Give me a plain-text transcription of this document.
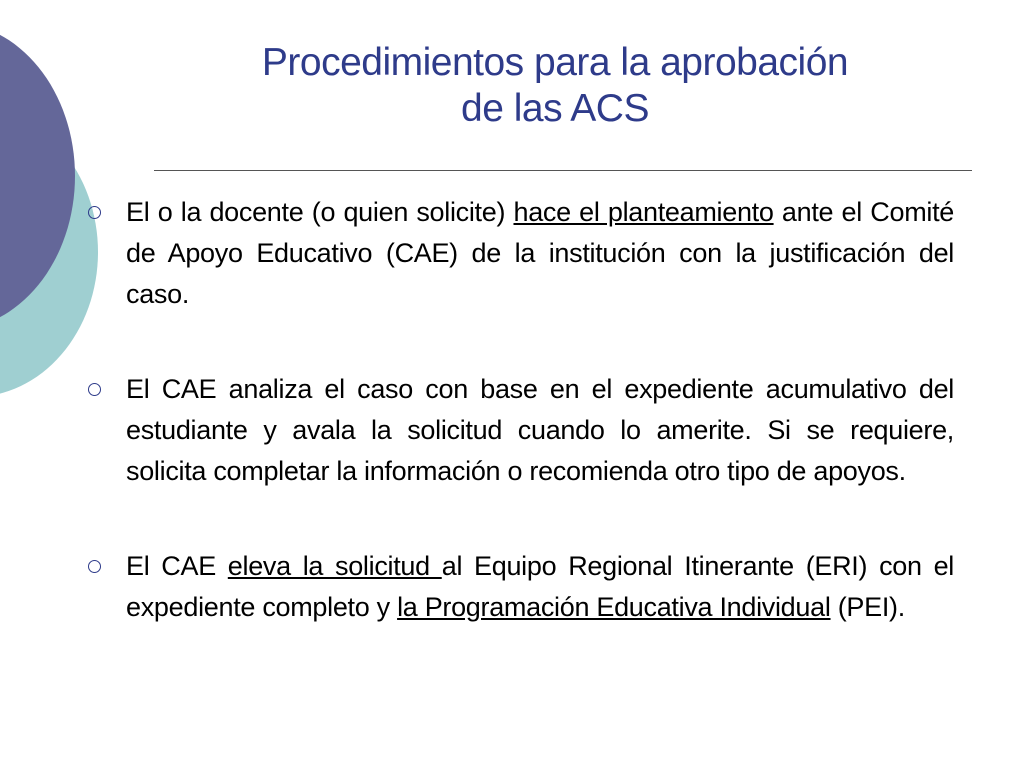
Procedimientos para la aprobación
de las ACS
El o la docente (o quien solicite) hace el planteamiento ante el Comité de Apoyo Educativo (CAE) de la institución con la justificación del caso.
El CAE analiza el caso con base en el expediente acumulativo del estudiante y avala la solicitud cuando lo amerite. Si se requiere, solicita completar la información o recomienda otro tipo de apoyos.
El CAE eleva la solicitud al Equipo Regional Itinerante (ERI) con el expediente completo y la Programación Educativa Individual (PEI).
